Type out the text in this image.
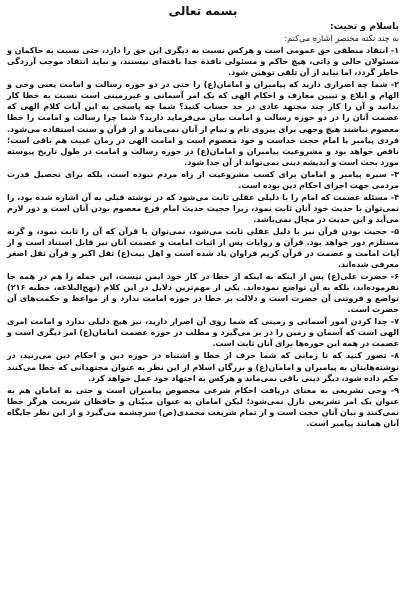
بسمه تعالی

باسلام و تحیت:

به چند نکته مختصر اشاره می‌کنم:

۱- انتقاد منطقی حق عمومی است و هرکس نسبت به دیگری این حق را دارد، حتی نسبت به حاکمان و مسئولان حالی و ذاتی، هیچ حاکم و مسئولی نافذة جدا بافته‌ای نیستند، و نباید انتقاد موجب آزردگی خاطر گردد، اما نباید از آن تلقی توهین شود.

۲- شما چه اصراری دارید که پیامبران و امامان(ع) را حتی در دو حوزه رسالت و امامت یعنی وحی و الهام و ابلاغ و تبیین معارف و احکام الهی که یک امر آسمانی و غیرزمینی است نسبت به خطا کار بدانید و آن را کار چند مجتهد عادی در حد حساب کنید؟ شما چه پاسخی به این آیات کلام الهی که عصمت آنان را در دو حوزه رسالت و امامت بیان می‌فرماید دارید؟ شما چرا رسالت و امامت را خطا معصوم نباشند هیچ وجهی برای پیروی تام و تمام از آنان نمی‌ماند و از قرآن و سنت استفاده می‌شود. فردی پیامبر یا امام حجت خداست و خود معصوم است و امامت الهی در زمان غیبت هم باقی است؛ ناقص خواهد بود و مشروعیت پیامبران و امامان(ع) در حوزه رسالت و امامت در طول تاریخ پیوسته مورد بحث است و اندیشه دینی نمی‌تواند از آن جدا شود.

۳- سیره پیامبر و امامان برای کسب مشروعیت از راه مردم نبوده است، بلکه برای تحصیل قدرت مردمی جهت اجرای احکام دین بوده است.

۴- مسئله عصمت که امام را با دلیلی عقلی ثابت می‌شود که در نوشته قبلی به آن اشاره شده بود، را نمی‌توان با حدیث خود آنان ثابت نمود، زیرا حجیت حدیث امام فرع معصوم بودن آنان است و دور لازم می‌آید و این حدیث در مجال نمی‌باشد.

۵- حجیت بودن قرآن نیز با دلیل عقلی ثابت می‌شود، نمی‌توان با قرآن که آن را ثابت نمود، و گرنه مستلزم دور خواهد بود. قرآن و روایات پس از اثبات امامت و عصمت آنان نیز قابل استناد است و از آیات امامت و عصمت در قرآن کریم فراوان یاد شده است و اهل بیت(ع) ثقل اکبر و قرآن ثقل اصغر معرفی شده‌اند.

۶- حضرت علی(ع) پس از اینکه به اینکه از خطا در کار خود ایمن نیست، این جمله را هم در همه جا نفرموده‌اند، بلکه به آن تواضع نموده‌اند. یکی از مهم‌ترین دلایل در این کلام (نهج‌البلاغه، خطبه ۲۱۶) تواضع و فروتنی آن حضرت است و دلالت بر خطا در حوزه امامت ندارد و از مواعظ و حکمت‌های آن حضرت است.

۷- جدا کردن امور آسمانی و زمینی که شما روی آن اصرار دارید، نیز هیچ دلیلی ندارد و امامت امری الهی است که آسمان و زمین را در بر می‌گیرد و مطلب در حوزه عصمت امامان(ع) امر دیگری است و عصمت در همه این حوزه‌ها برای آنان ثابت است.

۸- تصور کنید که تا زمانی که شما حرف از خطا و اشتباه در حوزه دین و احکام دین می‌زنید، در نوشته‌هایتان به پیامبران و امامان(ع) و بزرگان اسلام از این نظر به عنوان مجتهدانی که خطا می‌کنند حکم داده شود، دیگر دینی باقی نمی‌ماند و هرکس به اجتهاد خود عمل خواهد کرد.

۹- وحی تشریعی به معنای دریافت احکام شرعی مخصوص پیامبران است و حتی به امامان هم به عنوان یک امر تشریعی نازل نمی‌شود؛ لیکن امامان به عنوان مبیّنان و حافظان شریعت هرگز خطا نمی‌کنند و بیان آنان حجت است و از تمام شریعت محمدی(ص) سرچشمه می‌گیرد و از این نظر جایگاه آنان همانند پیامبر است.
